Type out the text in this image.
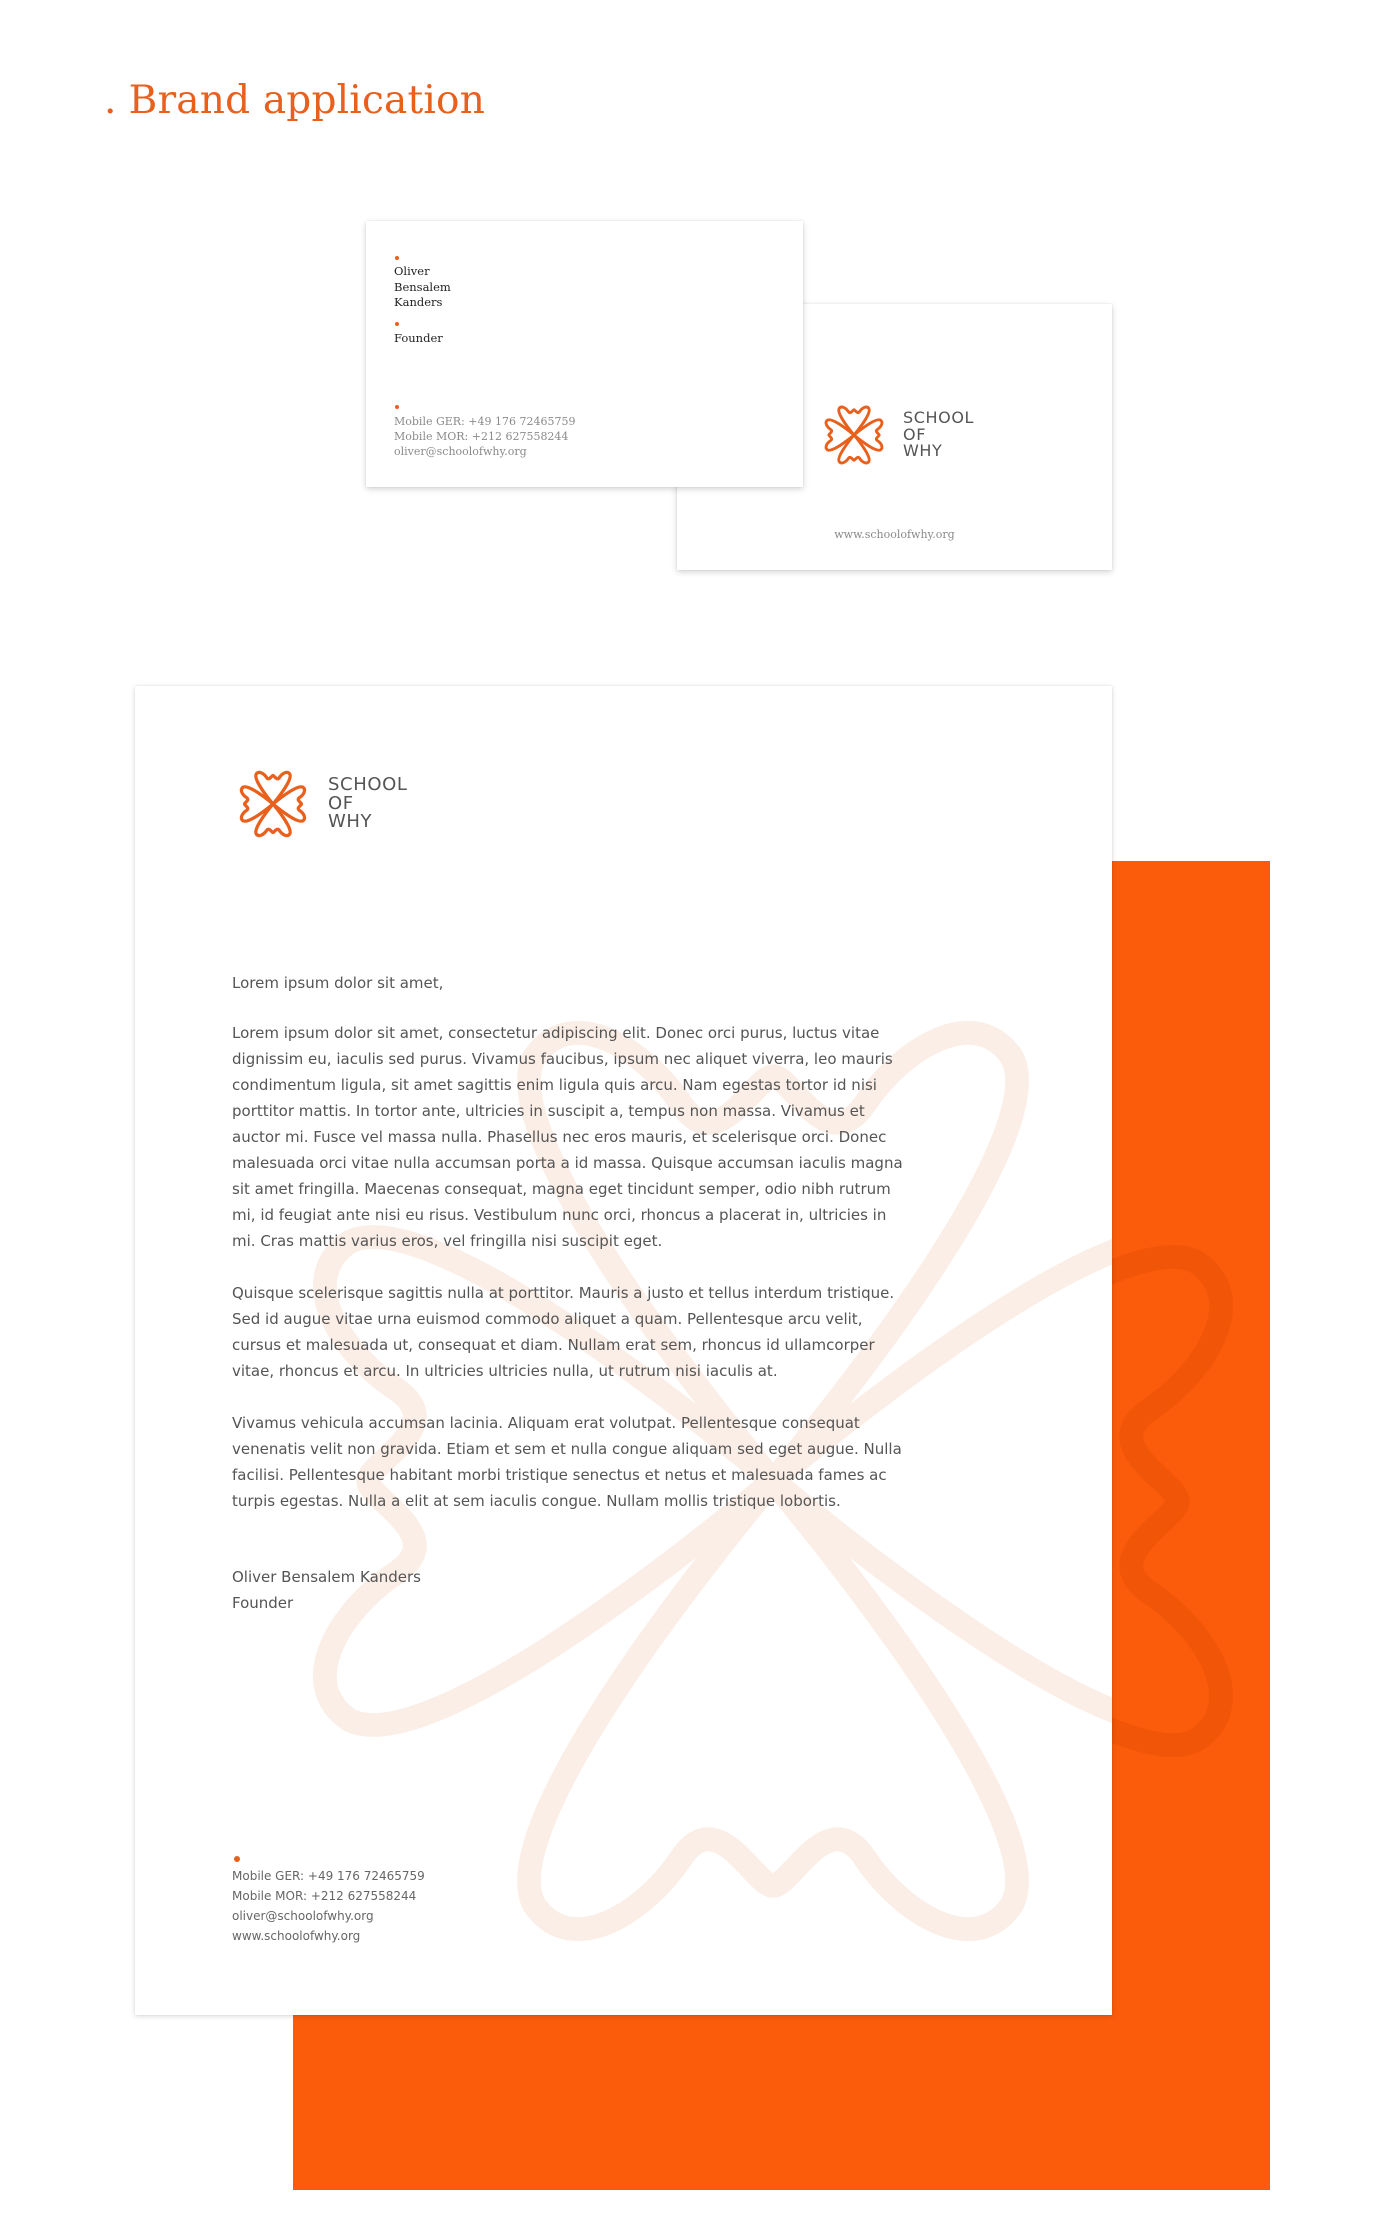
. Brand application
Oliver
Bensalem
Kanders
Founder
Mobile GER: +49 176 72465759
Mobile MOR: +212 627558244
oliver@schoolofwhy.org
SCHOOL
OF
WHY
www.schoolofwhy.org
SCHOOL
OF
WHY

Lorem ipsum dolor sit amet,

Lorem ipsum dolor sit amet, consectetur adipiscing elit. Donec orci purus, luctus vitae dignissim eu, iaculis sed purus. Vivamus faucibus, ipsum nec aliquet viverra, leo mauris condimentum ligula, sit amet sagittis enim ligula quis arcu. Nam egestas tortor id nisi porttitor mattis. In tortor ante, ultricies in suscipit a, tempus non massa. Vivamus et auctor mi. Fusce vel massa nulla. Phasellus nec eros mauris, et scelerisque orci. Donec malesuada orci vitae nulla accumsan porta a id massa. Quisque accumsan iaculis magna sit amet fringilla. Maecenas consequat, magna eget tincidunt semper, odio nibh rutrum mi, id feugiat ante nisi eu risus. Vestibulum nunc orci, rhoncus a placerat in, ultricies in mi. Cras mattis varius eros, vel fringilla nisi suscipit eget.

Quisque scelerisque sagittis nulla at porttitor. Mauris a justo et tellus interdum tristique. Sed id augue vitae urna euismod commodo aliquet a quam. Pellentesque arcu velit, cursus et malesuada ut, consequat et diam. Nullam erat sem, rhoncus id ullamcorper vitae, rhoncus et arcu. In ultricies ultricies nulla, ut rutrum nisi iaculis at.

Vivamus vehicula accumsan lacinia. Aliquam erat volutpat. Pellentesque consequat venenatis velit non gravida. Etiam et sem et nulla congue aliquam sed eget augue. Nulla facilisi. Pellentesque habitant morbi tristique senectus et netus et malesuada fames ac turpis egestas. Nulla a elit at sem iaculis congue. Nullam mollis tristique lobortis.

Oliver Bensalem Kanders
Founder
Mobile GER: +49 176 72465759
Mobile MOR: +212 627558244
oliver@schoolofwhy.org
www.schoolofwhy.org
